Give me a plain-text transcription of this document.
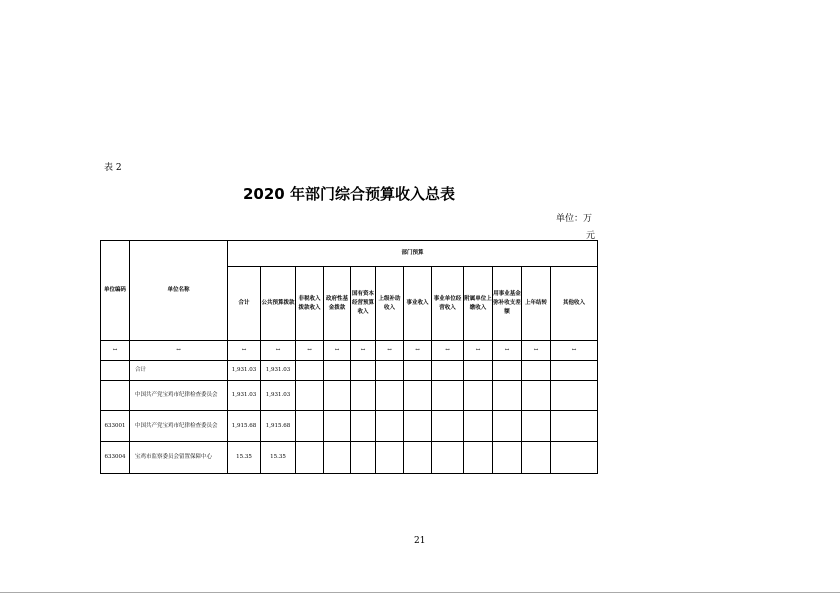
表 2
2020 年部门综合预算收入总表
单位：万
元
单位编码	单位名称	部门预算											
		合计	公共预算拨款	非税收入拨款收入	政府性基金拨款	国有资本经营预算收入	上级补助收入	事业收入	事业单位经营收入	附属单位上缴收入	用事业基金弥补收支差额	上年结转	其他收入
↔	↔	↔	↔	↔	↔	↔	↔	↔	↔	↔	↔	↔	↔
	合计	1,931.03	1,931.03										
	中国共产党宝鸡市纪律检查委员会	1,931.03	1,931.03										
633001	中国共产党宝鸡市纪律检查委员会	1,915.68	1,915.68										
633004	宝鸡市监察委员会留置保障中心	15.35	15.35										
21
